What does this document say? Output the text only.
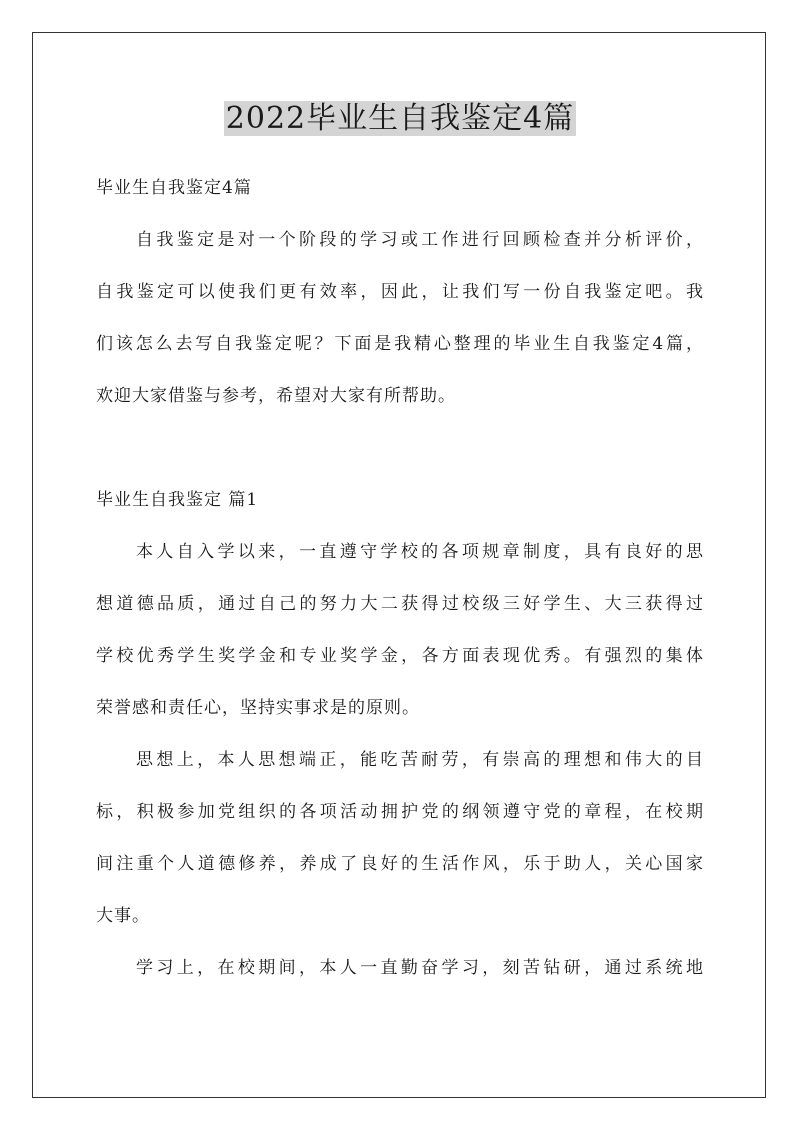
2022毕业生自我鉴定4篇
毕业生自我鉴定4篇
自我鉴定是对一个阶段的学习或工作进行回顾检查并分析评价，
自我鉴定可以使我们更有效率，因此，让我们写一份自我鉴定吧。我
们该怎么去写自我鉴定呢？下面是我精心整理的毕业生自我鉴定4篇，
欢迎大家借鉴与参考，希望对大家有所帮助。
毕业生自我鉴定 篇1
本人自入学以来，一直遵守学校的各项规章制度，具有良好的思
想道德品质，通过自己的努力大二获得过校级三好学生、大三获得过
学校优秀学生奖学金和专业奖学金，各方面表现优秀。有强烈的集体
荣誉感和责任心，坚持实事求是的原则。
思想上，本人思想端正，能吃苦耐劳，有崇高的理想和伟大的目
标，积极参加党组织的各项活动拥护党的纲领遵守党的章程，在校期
间注重个人道德修养，养成了良好的生活作风，乐于助人，关心国家
大事。
学习上，在校期间，本人一直勤奋学习，刻苦钻研，通过系统地
